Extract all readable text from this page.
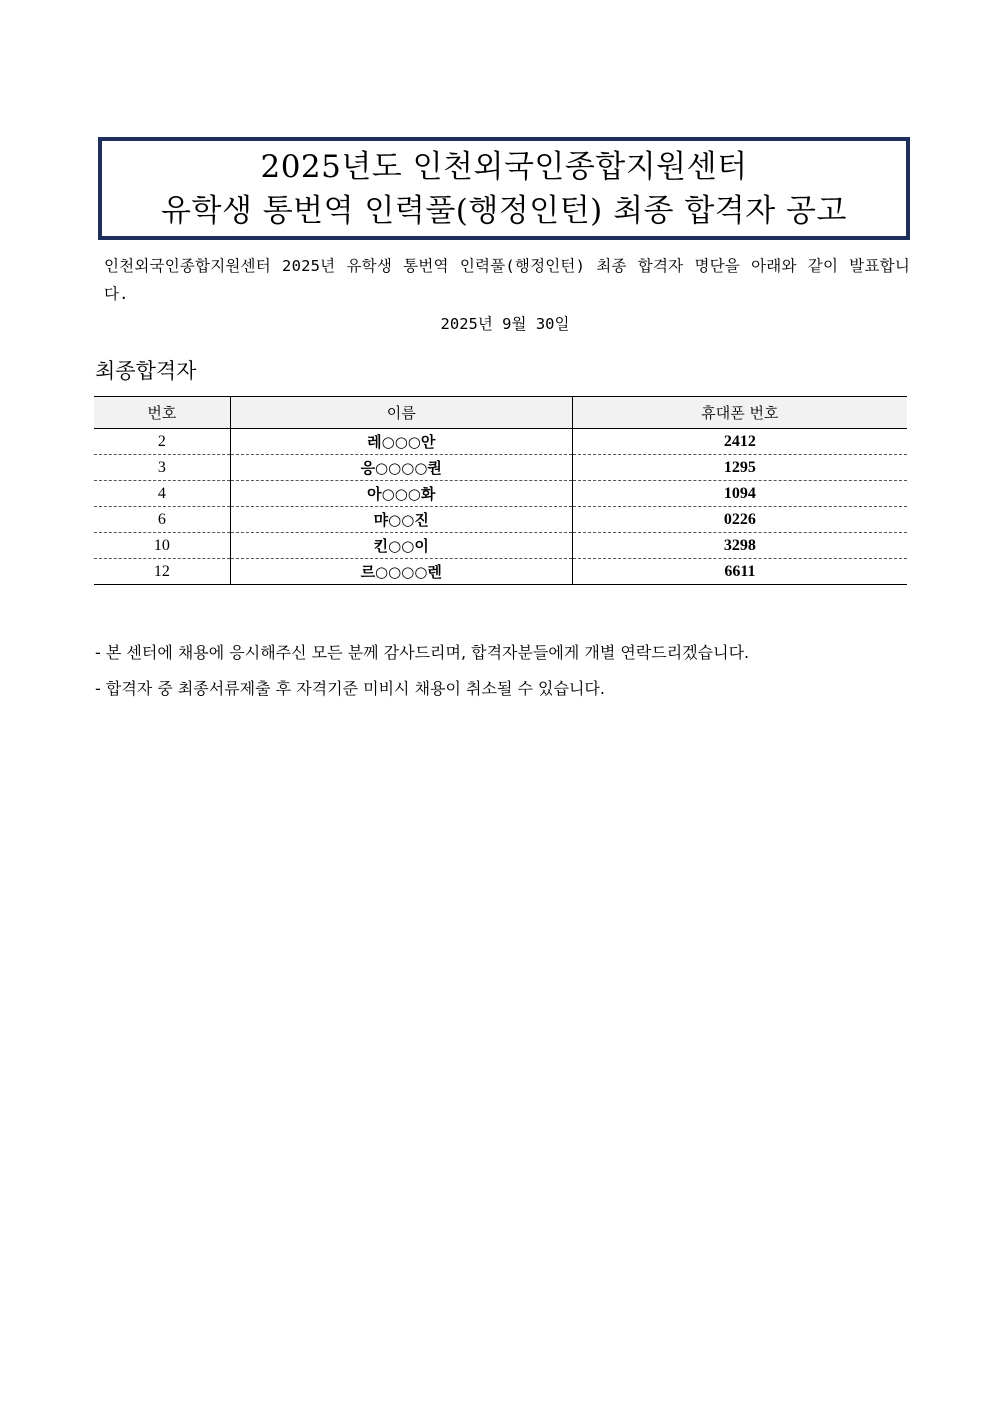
2025년도 인천외국인종합지원센터
유학생 통번역 인력풀(행정인턴) 최종 합격자 공고
인천외국인종합지원센터 2025년 유학생 통번역 인력풀(행정인턴) 최종 합격자 명단을 아래와 같이 발표합니다.
2025년 9월 30일
최종합격자
번호	이름	휴대폰 번호
2	레○○○안	2412
3	응○○○○퀀	1295
4	아○○○화	1094
6	먀○○진	0226
10	킨○○이	3298
12	르○○○○렌	6611
- 본 센터에 채용에 응시해주신 모든 분께 감사드리며, 합격자분들에게 개별 연락드리겠습니다.
- 합격자 중 최종서류제출 후 자격기준 미비시 채용이 취소될 수 있습니다.
